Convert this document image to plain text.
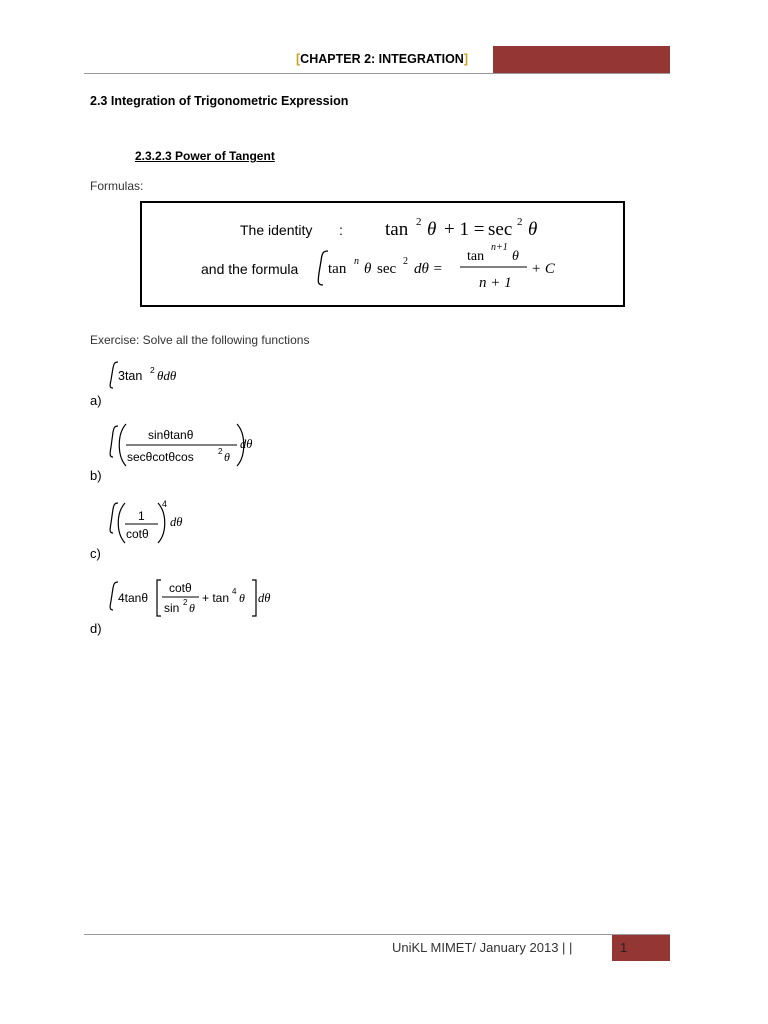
[CHAPTER 2: INTEGRATION]
2.3 Integration of Trigonometric Expression
2.3.2.3 Power of Tangent
Formulas:
The identity : tan 2 θ + 1 = sec 2 θ
and the formula tan n θ sec 2 dθ =
tan
n+1
θ
n + 1
+ C
Exercise: Solve all the following functions
3tan 2 θdθ
a)
sinθtanθ
secθcotθcos	2 θ
dθ
b)
1
cotθ
4
dθ
c)
4tanθ
cotθ
sin 2 θ
+ tan 4 θ dθ
d)
UniKL MIMET/ January 2013 | |	1
